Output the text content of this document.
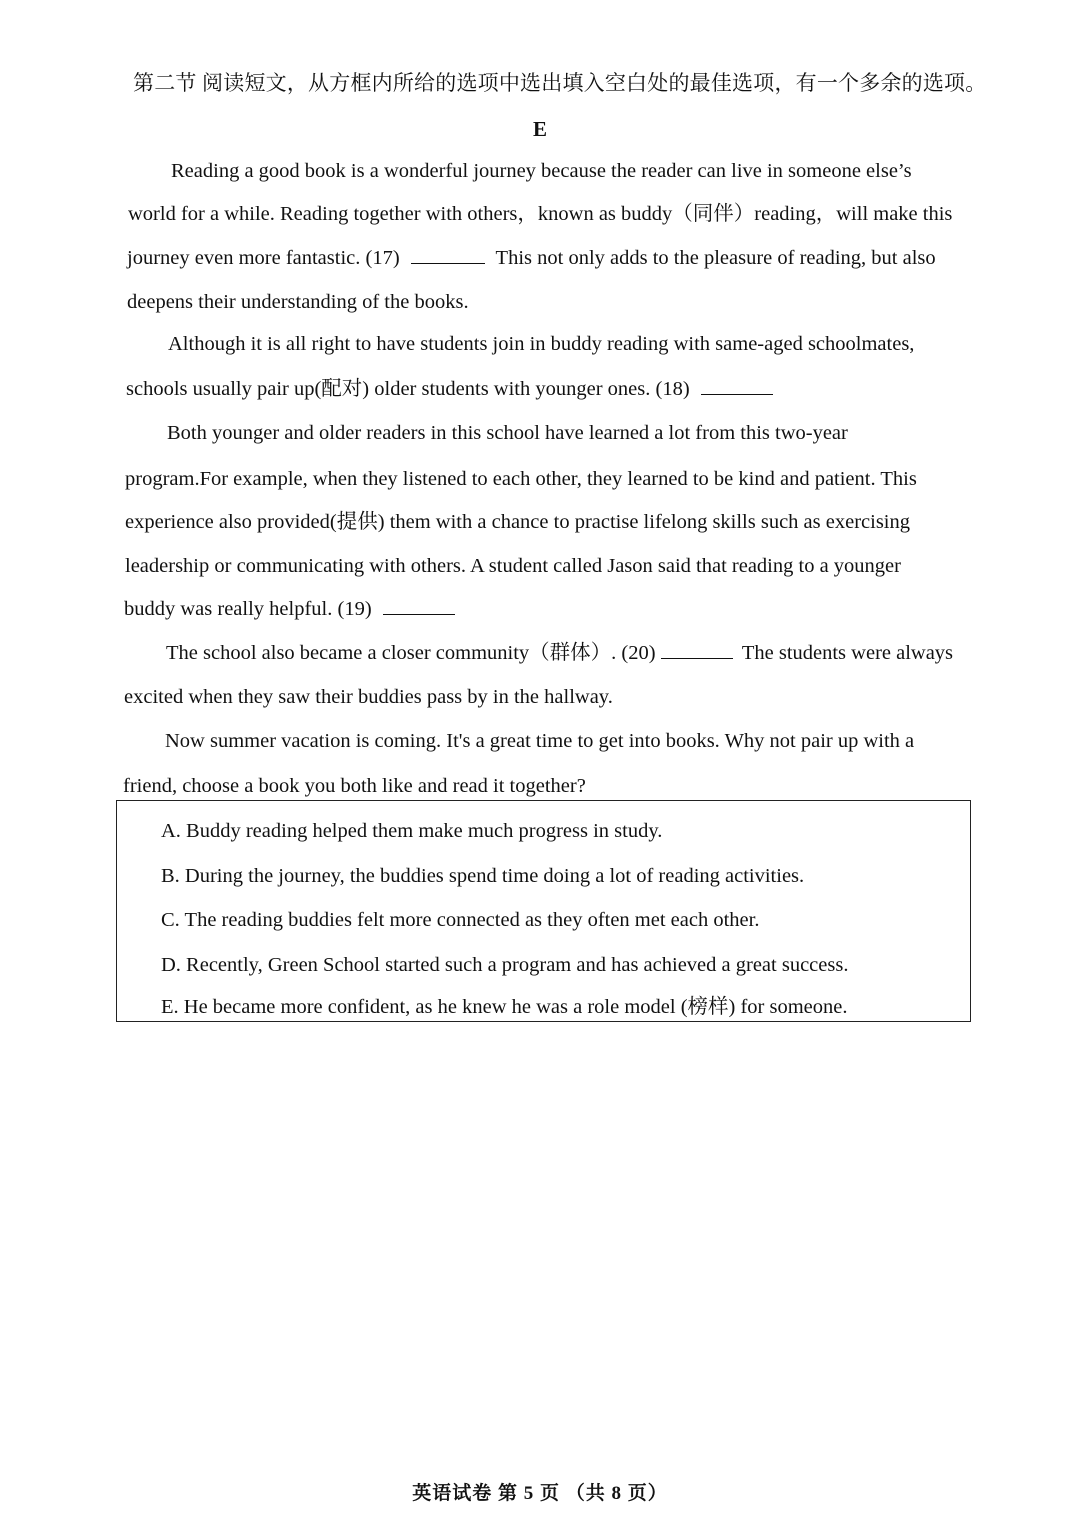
第二节 阅读短文，从方框内所给的选项中选出填入空白处的最佳选项，有一个多余的选项。
E
Reading a good book is a wonderful journey because the reader can live in someone else’s
world for a while. Reading together with others，known as buddy（同伴）reading，will make this
journey even more fantastic. (17)	This not only adds to the pleasure of reading, but also
deepens their understanding of the books.
Although it is all right to have students join in buddy reading with same-aged schoolmates,
schools usually pair up(配对) older students with younger ones. (18)
Both younger and older readers in this school have learned a lot from this two-year
program.For example, when they listened to each other, they learned to be kind and patient. This
experience also provided(提供) them with a chance to practise lifelong skills such as exercising
leadership or communicating with others. A student called Jason said that reading to a younger
buddy was really helpful. (19)
The school also became a closer community（群体）. (20)	The students were always
excited when they saw their buddies pass by in the hallway.
Now summer vacation is coming. It's a great time to get into books. Why not pair up with a
friend, choose a book you both like and read it together?
A. Buddy reading helped them make much progress in study.
B. During the journey, the buddies spend time doing a lot of reading activities.
C. The reading buddies felt more connected as they often met each other.
D. Recently, Green School started such a program and has achieved a great success.
E. He became more confident, as he knew he was a role model (榜样) for someone.
英语试卷 第 5 页 （共 8 页）
